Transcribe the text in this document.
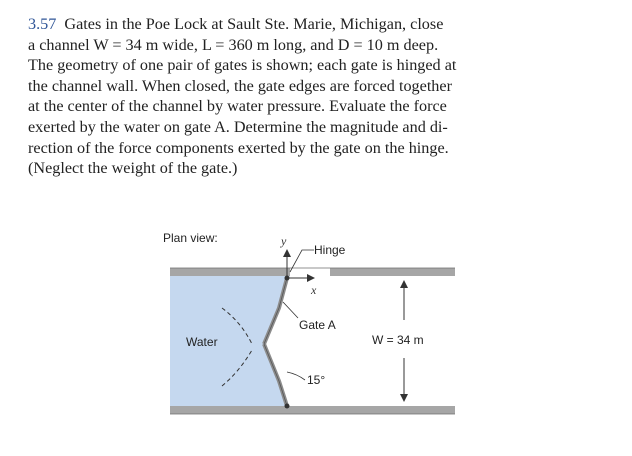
3.57 Gates in the Poe Lock at Sault Ste. Marie, Michigan, close
a channel W = 34 m wide, L = 360 m long, and D = 10 m deep.
The geometry of one pair of gates is shown; each gate is hinged at
the channel wall. When closed, the gate edges are forced together
at the center of the channel by water pressure. Evaluate the force
exerted by the water on gate A. Determine the magnitude and di-
rection of the force components exerted by the gate on the hinge.
(Neglect the weight of the gate.)
y
x
Hinge
Gate A
Plan view:
Water	W = 34 m
15°
